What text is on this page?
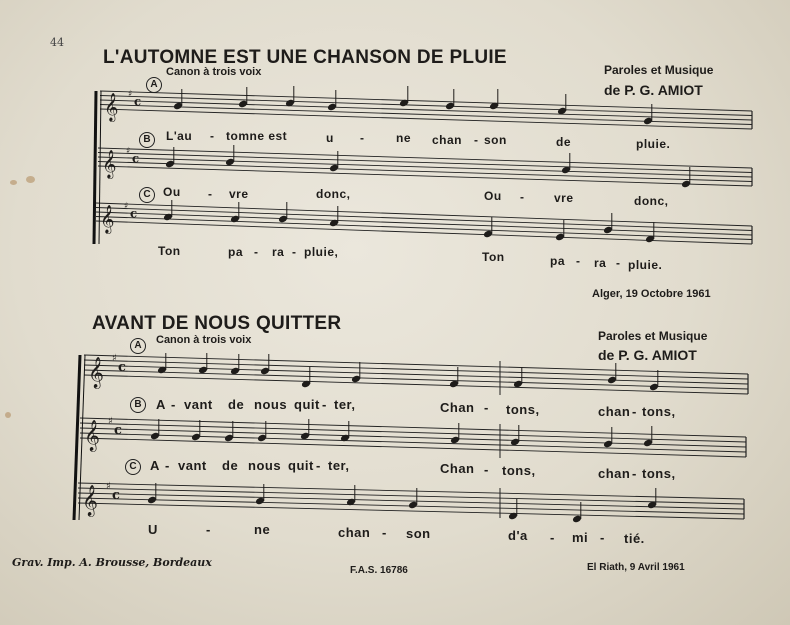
44
L'AUTOMNE EST UNE CHANSON DE PLUIE
Paroles et Musique
de P. G. AMIOT
Canon à trois voix
A
B
C
L'au - tomne est	u -	ne chan - son	de	pluie.
Ou - vre	donc,	Ou - vre	donc,
Ton	pa - ra - pluie,	Ton	pa - ra - pluie.
Alger, 19 Octobre 1961
AVANT DE NOUS QUITTER
Paroles et Musique
de P. G. AMIOT
Canon à trois voix
A
B
C
A - vant de nous quit - ter,	Chan - tons,	chan - tons,
A - vant de nous quit - ter,	Chan - tons,	chan - tons,
U	-	ne	chan - son	d'a - mi - tié.
Grav. Imp. A. Brousse, Bordeaux
F.A.S. 16786	El Riath, 9 Avril 1961
𝄞 ♯ c
𝄞 ♯ c
𝄞 ♯ c
𝄞 ♯
c
𝄞 ♯
c
𝄞 ♯
c
